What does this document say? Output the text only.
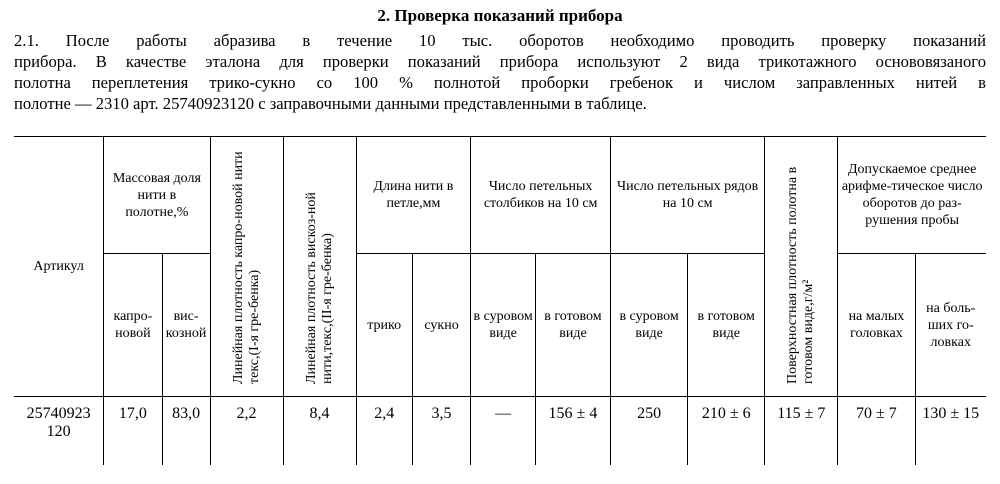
2. Проверка показаний прибора
2.1. После работы абразива в течение 10 тыс. оборотов необходимо проводить проверку показаний
прибора. В качестве эталона для проверки показаний прибора используют 2 вида трикотажного основовязаного
полотна переплетения трико-сукно со 100 % полнотой проборки гребенок и числом заправленных нитей в
полотне — 2310 арт. 25740923120 с заправочными данными представленными в таблице.
Артикул	Массовая доля нити в полотне,%		Линейная плотность капро-новой нити текс,(I-я гре-бенка)	Линейная плотность вискоз-ной нити,текс,(II-я гре-бенка)	Длина нити в петле,мм		Число петельных столбиков на 10 см		Число петельных рядов на 10 см		Поверхностная плотность полотна в готовом виде,г/м²	Допускаемое среднее арифме-тическое число оборотов до раз-рушения пробы	
	капро-новой	вискозной			трико	сукно	в суровом виде	в готовом виде	в суровом виде	в готовом виде		на малых головках	на больших головках
25740923 120	17,0	83,0	2,2	8,4	2,4	3,5	—	156 ± 4	250	210 ± 6	115 ± 7	70 ± 7	130 ± 15
